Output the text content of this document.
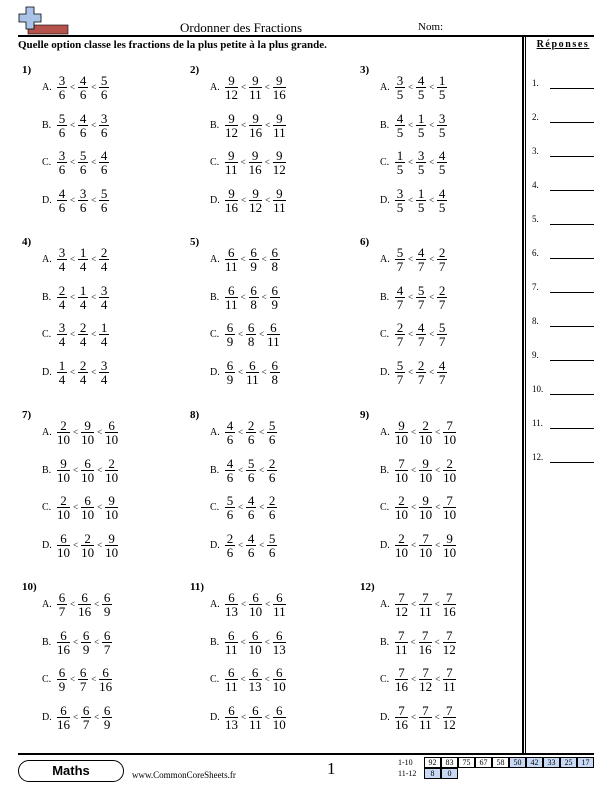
Ordonner des Fractions	Nom:
Quelle option classe les fractions de la plus petite à la plus grande.	Réponses
1.
2.
3.
4.
5.
6.
7.
8.
9.
10.
11.
12.
1)
A. $\frac{3}{6} < \frac{4}{6} < \frac{5}{6}$
B. $\frac{5}{6} < \frac{4}{6} < \frac{3}{6}$
C. $\frac{3}{6} < \frac{5}{6} < \frac{4}{6}$
D. $\frac{4}{6} < \frac{3}{6} < \frac{5}{6}$
2)
A. $\frac{9}{12} < \frac{9}{11} < \frac{9}{16}$
B. $\frac{9}{12} < \frac{9}{16} < \frac{9}{11}$
C. $\frac{9}{11} < \frac{9}{16} < \frac{9}{12}$
D. $\frac{9}{16} < \frac{9}{12} < \frac{9}{11}$
3)
A. $\frac{3}{5} < \frac{4}{5} < \frac{1}{5}$
B. $\frac{4}{5} < \frac{1}{5} < \frac{3}{5}$
C. $\frac{1}{5} < \frac{3}{5} < \frac{4}{5}$
D. $\frac{3}{5} < \frac{1}{5} < \frac{4}{5}$
4)
A. $\frac{3}{4} < \frac{1}{4} < \frac{2}{4}$
B. $\frac{2}{4} < \frac{1}{4} < \frac{3}{4}$
C. $\frac{3}{4} < \frac{2}{4} < \frac{1}{4}$
D. $\frac{1}{4} < \frac{2}{4} < \frac{3}{4}$
5)
A. $\frac{6}{11} < \frac{6}{9} < \frac{6}{8}$
B. $\frac{6}{11} < \frac{6}{8} < \frac{6}{9}$
C. $\frac{6}{9} < \frac{6}{8} < \frac{6}{11}$
D. $\frac{6}{9} < \frac{6}{11} < \frac{6}{8}$
6)
A. $\frac{5}{7} < \frac{4}{7} < \frac{2}{7}$
B. $\frac{4}{7} < \frac{5}{7} < \frac{2}{7}$
C. $\frac{2}{7} < \frac{4}{7} < \frac{5}{7}$
D. $\frac{5}{7} < \frac{2}{7} < \frac{4}{7}$
7)
A. $\frac{2}{10} < \frac{9}{10} < \frac{6}{10}$
B. $\frac{9}{10} < \frac{6}{10} < \frac{2}{10}$
C. $\frac{2}{10} < \frac{6}{10} < \frac{9}{10}$
D. $\frac{6}{10} < \frac{2}{10} < \frac{9}{10}$
8)
A. $\frac{4}{6} < \frac{2}{6} < \frac{5}{6}$
B. $\frac{4}{6} < \frac{5}{6} < \frac{2}{6}$
C. $\frac{5}{6} < \frac{4}{6} < \frac{2}{6}$
D. $\frac{2}{6} < \frac{4}{6} < \frac{5}{6}$
9)
A. $\frac{9}{10} < \frac{2}{10} < \frac{7}{10}$
B. $\frac{7}{10} < \frac{9}{10} < \frac{2}{10}$
C. $\frac{2}{10} < \frac{9}{10} < \frac{7}{10}$
D. $\frac{2}{10} < \frac{7}{10} < \frac{9}{10}$
10)
A. $\frac{6}{7} < \frac{6}{16} < \frac{6}{9}$
B. $\frac{6}{16} < \frac{6}{9} < \frac{6}{7}$
C. $\frac{6}{9} < \frac{6}{7} < \frac{6}{16}$
D. $\frac{6}{16} < \frac{6}{7} < \frac{6}{9}$
11)
A. $\frac{6}{13} < \frac{6}{10} < \frac{6}{11}$
B. $\frac{6}{11} < \frac{6}{10} < \frac{6}{13}$
C. $\frac{6}{11} < \frac{6}{13} < \frac{6}{10}$
D. $\frac{6}{13} < \frac{6}{11} < \frac{6}{10}$
12)
A. $\frac{7}{12} < \frac{7}{11} < \frac{7}{16}$
B. $\frac{7}{11} < \frac{7}{16} < \frac{7}{12}$
C. $\frac{7}{16} < \frac{7}{12} < \frac{7}{11}$
D. $\frac{7}{16} < \frac{7}{11} < \frac{7}{12}$
Maths	www.CommonCoreSheets.fr	1	1-10	92	83	75	67	58	50	42	33	25	17
11-12	8	0
